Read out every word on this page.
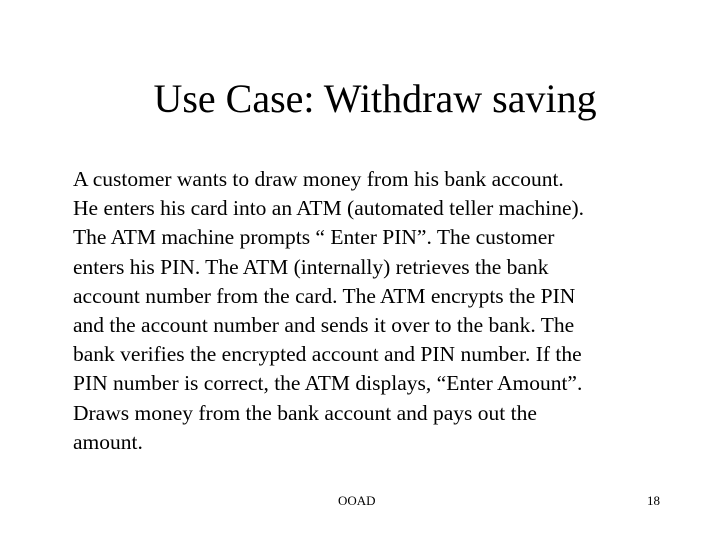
Use Case: Withdraw saving
A customer wants to draw money from his bank account.
He enters his card into an ATM (automated teller machine).
The ATM machine prompts “ Enter PIN”. The customer
enters his PIN. The ATM (internally) retrieves the bank
account number from the card. The ATM encrypts the PIN
and the account number and sends it over to the bank. The
bank verifies the encrypted account and PIN number. If the
PIN number is correct, the ATM displays, “Enter Amount”.
Draws money from the bank account and pays out the
amount.
OOAD	18
